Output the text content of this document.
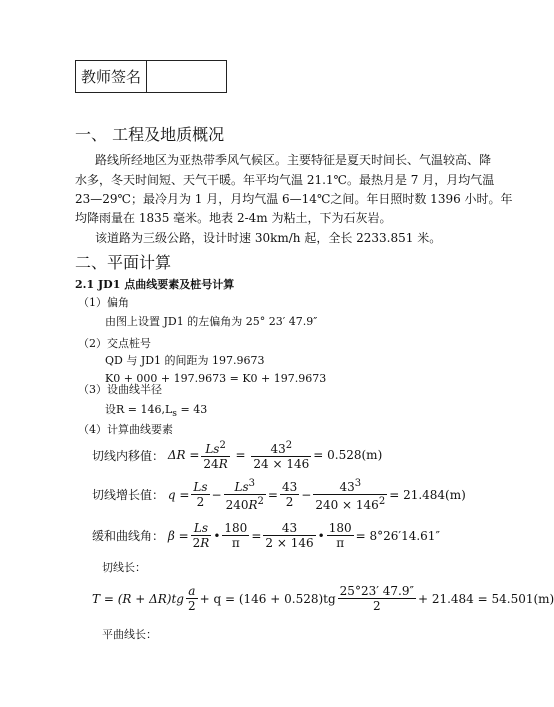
教师签名
一、 工程及地质概况
路线所经地区为亚热带季风气候区。主要特征是夏天时间长、气温较高、降
水多，冬天时间短、天气干暖。年平均气温 21.1℃。最热月是 7 月，月均气温
23—29℃；最冷月为 1 月，月均气温 6—14℃之间。年日照时数 1396 小时。年
均降雨量在 1835 毫米。地表 2-4m 为粘土，下为石灰岩。
该道路为三级公路，设计时速 30km/h 起，全长 2233.851 米。
二、平面计算
2.1 JD1 点曲线要素及桩号计算
（1）偏角
由图上设置 JD1 的左偏角为 25° 23′ 47.9″
（2）交点桩号
QD 与 JD1 的间距为 197.9673
K0 + 000 + 197.9673 = K0 + 197.9673
（3）设曲线半径
设$R = 146,L_s = 43$
（4）计算曲线要素
切线内移值： $\Delta R = \frac{Ls^2}{24R} = \frac{43^2}{24 \times 146} = 0.528(m)$
切线增长值： $q = \frac{Ls}{2} - \frac{Ls^3}{240R^2} = \frac{43}{2} - \frac{43^3}{240 \times 146^2} = 21.484(m)$
缓和曲线角： $\beta = \frac{Ls}{2R}$ • $\frac{180}{\pi} = \frac{43}{2 \times 146}$ • $\frac{180}{\pi} = 8^\circ 26'14.61''$
切线长：
$T = (R + \Delta R)tg \frac{a}{2} + q = (146 + 0.528)tg \frac{25^\circ 23' 47.9''}{2} + 21.484 = 54.501(m)$
平曲线长：
